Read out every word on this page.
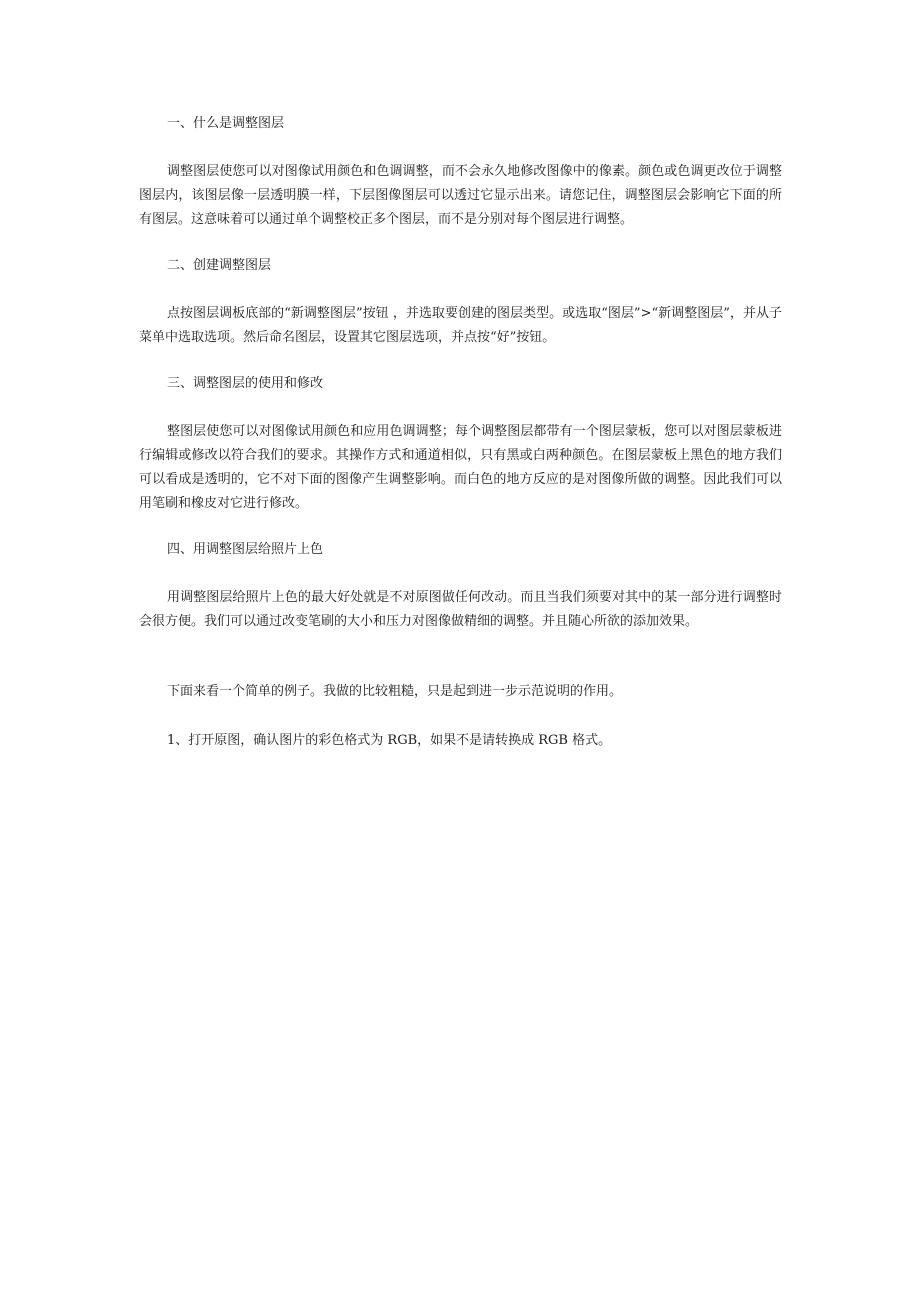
一、什么是调整图层

调整图层使您可以对图像试用颜色和色调调整，而不会永久地修改图像中的像素。颜色或色调更改位于调整图层内，该图层像一层透明膜一样，下层图像图层可以透过它显示出来。请您记住，调整图层会影响它下面的所有图层。这意味着可以通过单个调整校正多个图层，而不是分别对每个图层进行调整。

二、创建调整图层

点按图层调板底部的“新调整图层”按钮 ，并选取要创建的图层类型。或选取“图层”>“新调整图层”，并从子菜单中选取选项。然后命名图层，设置其它图层选项，并点按“好”按钮。

三、调整图层的使用和修改

整图层使您可以对图像试用颜色和应用色调调整；每个调整图层都带有一个图层蒙板，您可以对图层蒙板进行编辑或修改以符合我们的要求。其操作方式和通道相似，只有黑或白两种颜色。在图层蒙板上黑色的地方我们可以看成是透明的，它不对下面的图像产生调整影响。而白色的地方反应的是对图像所做的调整。因此我们可以用笔刷和橡皮对它进行修改。

四、用调整图层给照片上色

用调整图层给照片上色的最大好处就是不对原图做任何改动。而且当我们须要对其中的某一部分进行调整时会很方便。我们可以通过改变笔刷的大小和压力对图像做精细的调整。并且随心所欲的添加效果。

下面来看一个简单的例子。我做的比较粗糙，只是起到进一步示范说明的作用。

1、打开原图，确认图片的彩色格式为 RGB，如果不是请转换成 RGB 格式。
